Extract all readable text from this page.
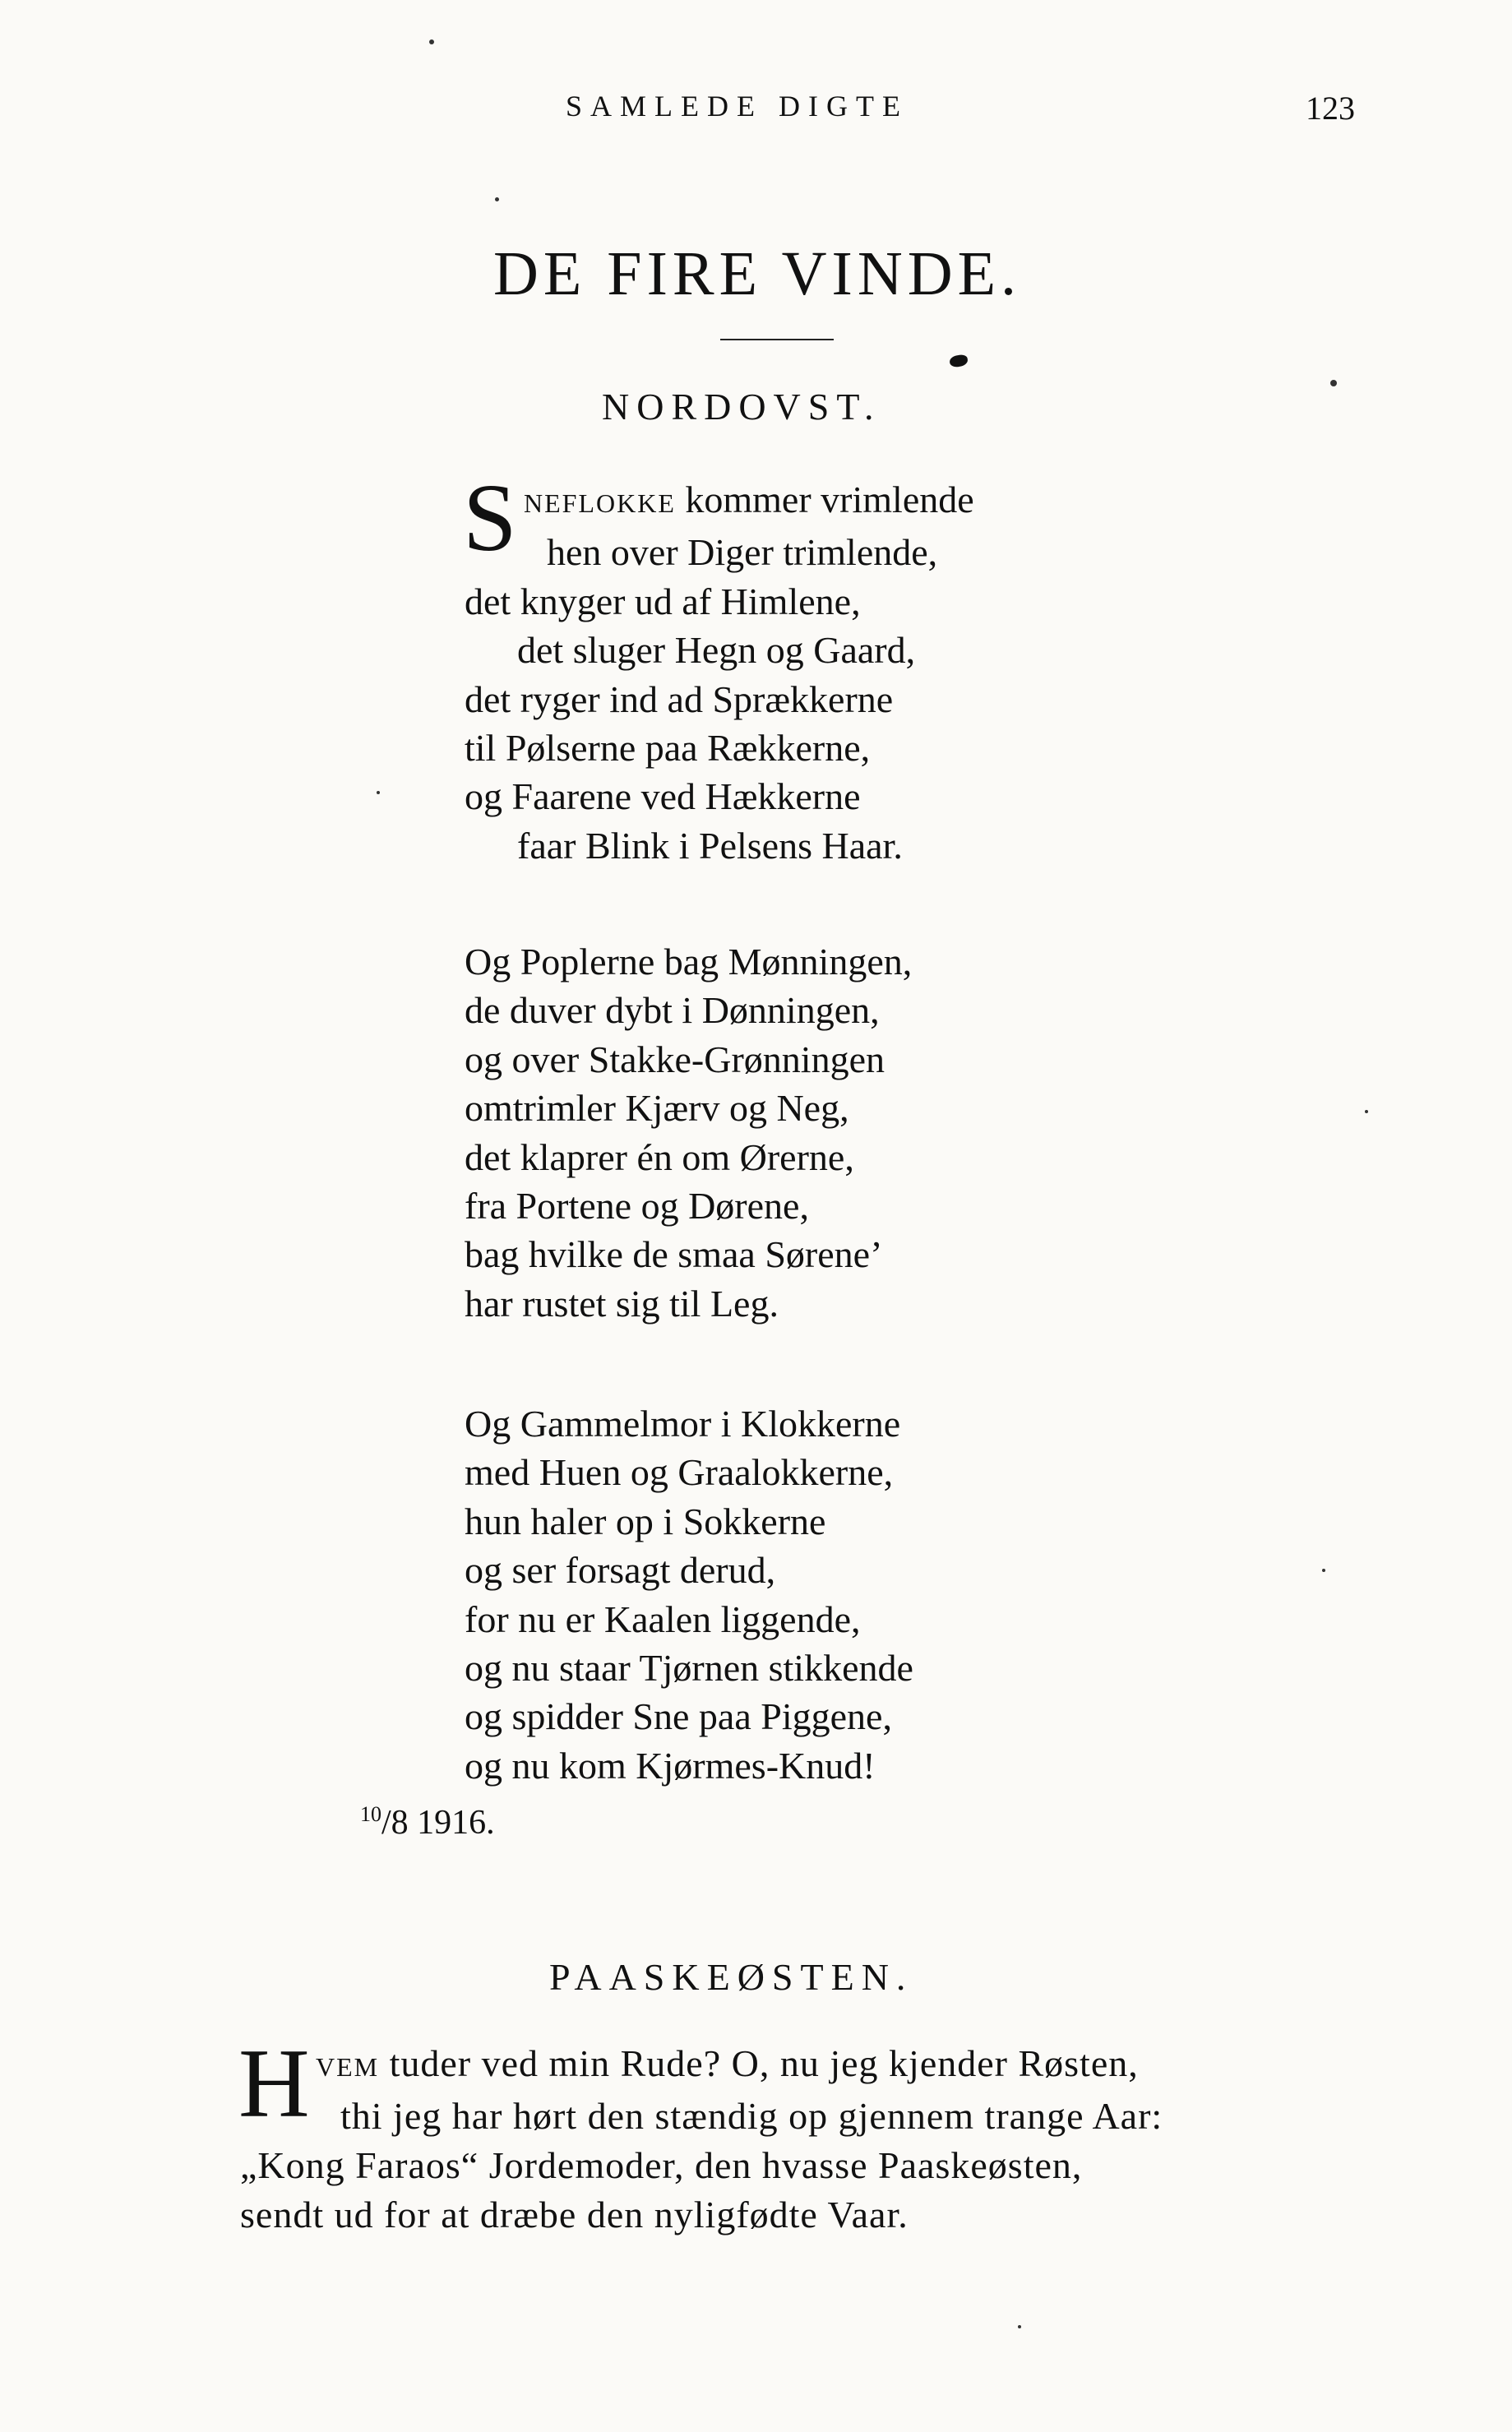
SAMLEDE DIGTE	123
DE FIRE VINDE.
NORDOVST.

S NEFLOKKE kommer vrimlende

hen over Diger trimlende,

det knyger ud af Himlene,

det sluger Hegn og Gaard,

det ryger ind ad Sprækkerne

til Pølserne paa Rækkerne,

og Faarene ved Hækkerne

faar Blink i Pelsens Haar.

Og Poplerne bag Mønningen,

de duver dybt i Dønningen,

og over Stakke-Grønningen

omtrimler Kjærv og Neg,

det klaprer én om Ørerne,

fra Portene og Dørene,

bag hvilke de smaa Sørene’

har rustet sig til Leg.

Og Gammelmor i Klokkerne

med Huen og Graalokkerne,

hun haler op i Sokkerne

og ser forsagt derud,

for nu er Kaalen liggende,

og nu staar Tjørnen stikkende

og spidder Sne paa Piggene,

og nu kom Kjørmes-Knud!

$^{10}$/8 1916.
PAASKEØSTEN.

H VEM tuder ved min Rude? O, nu jeg kjender Røsten,

thi jeg har hørt den stændig op gjennem trange Aar:

„Kong Faraos“ Jordemoder, den hvasse Paaskeøsten,

sendt ud for at dræbe den nyligfødte Vaar.
